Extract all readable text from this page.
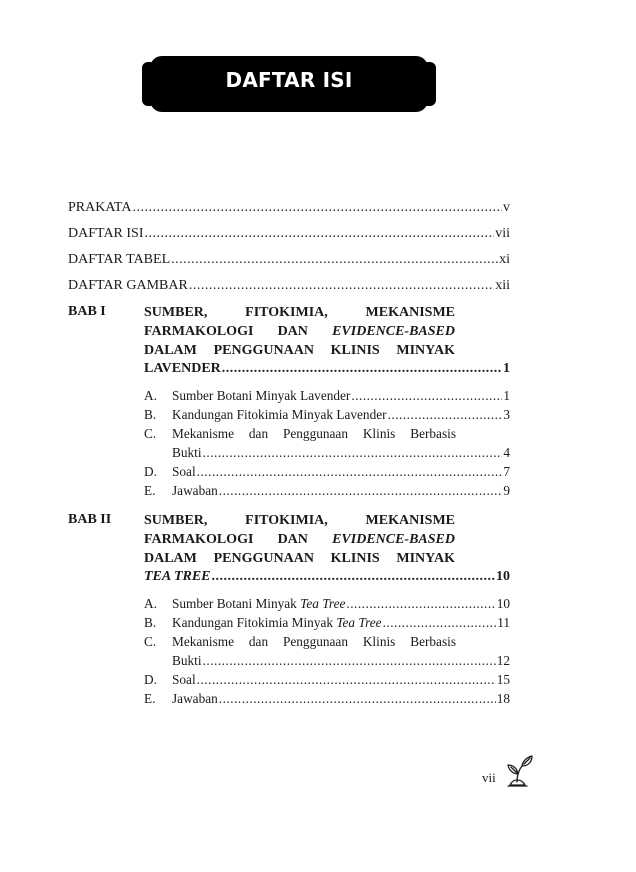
DAFTAR ISI
PRAKATA .....	v
DAFTAR ISI .....	vii
DAFTAR TABEL .....	xi
DAFTAR GAMBAR .....	xii
BAB I	SUMBER, FITOKIMIA, MEKANISME
FARMAKOLOGI DAN EVIDENCE-BASED
DALAM PENGGUNAAN KLINIS MINYAK
LAVENDER .....	1
A.	Sumber Botani Minyak Lavender .....	1
B.	Kandungan Fitokimia Minyak Lavender .....	3
C.	Mekanisme dan Penggunaan Klinis Berbasis
Bukti .....	4
D.	Soal .....	7
E.	Jawaban .....	9
BAB II SUMBER, FITOKIMIA, MEKANISME
FARMAKOLOGI DAN EVIDENCE-BASED
DALAM PENGGUNAAN KLINIS MINYAK
TEA TREE .....	10
A.	Sumber Botani Minyak Tea Tree .....	10
B.	Kandungan Fitokimia Minyak Tea Tree .....	11
C.	Mekanisme dan Penggunaan Klinis Berbasis
Bukti .....	12
D.	Soal .....	15
E.	Jawaban .....	18
vii
